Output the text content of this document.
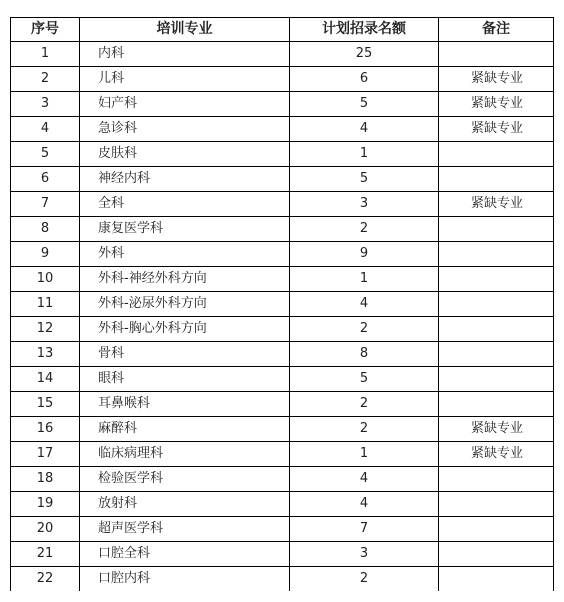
序号	培训专业	计划招录名额	备注
1	内科	25	
2	儿科	6	紧缺专业
3	妇产科	5	紧缺专业
4	急诊科	4	紧缺专业
5	皮肤科	1	
6	神经内科	5	
7	全科	3	紧缺专业
8	康复医学科	2	
9	外科	9	
10	外科-神经外科方向	1	
11	外科-泌尿外科方向	4	
12	外科-胸心外科方向	2	
13	骨科	8	
14	眼科	5	
15	耳鼻喉科	2	
16	麻醉科	2	紧缺专业
17	临床病理科	1	紧缺专业
18	检验医学科	4	
19	放射科	4	
20	超声医学科	7	
21	口腔全科	3	
22	口腔内科	2	
